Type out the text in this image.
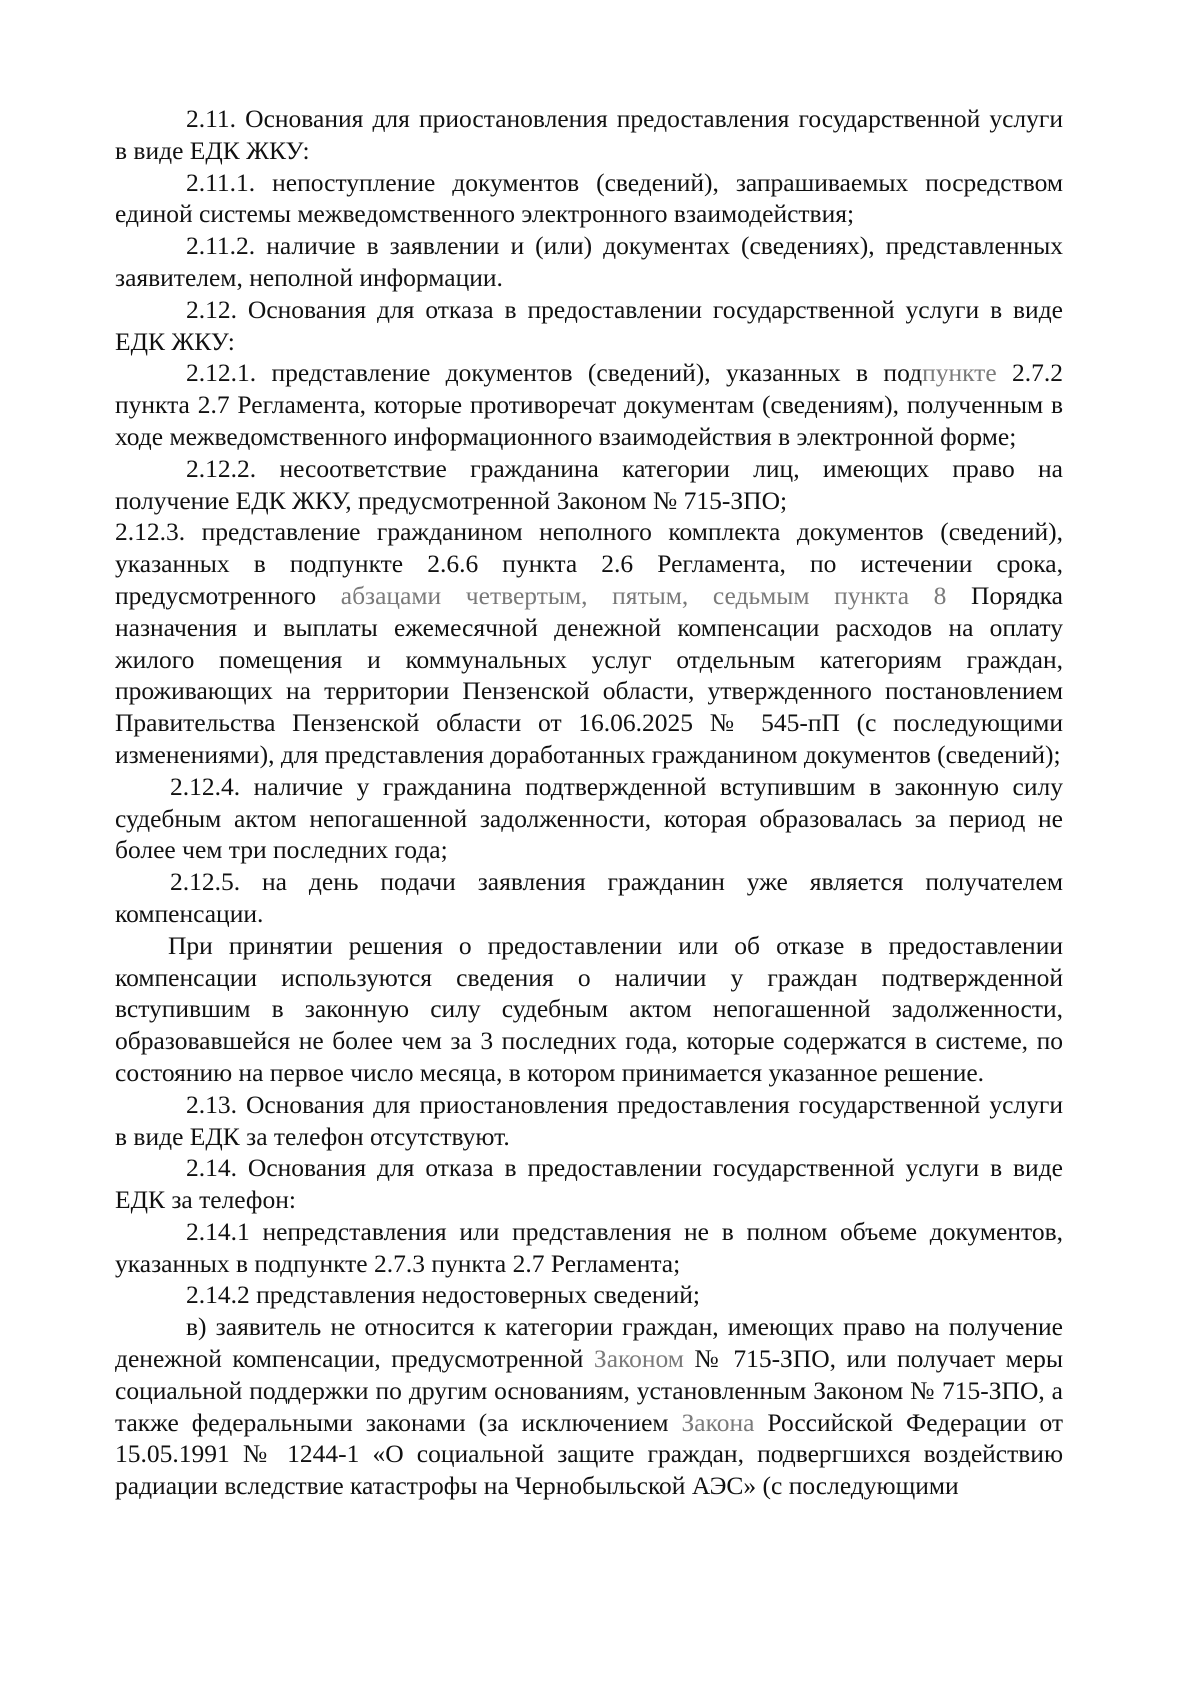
2.11. Основания для приостановления предоставления государственной услуги в виде ЕДК ЖКУ:

2.11.1. непоступление документов (сведений), запрашиваемых посредством единой системы межведомственного электронного взаимодействия;

2.11.2. наличие в заявлении и (или) документах (сведениях), представленных заявителем, неполной информации.

2.12. Основания для отказа в предоставлении государственной услуги в виде ЕДК ЖКУ:

2.12.1. представление документов (сведений), указанных в подпункте 2.7.2 пункта 2.7 Регламента, которые противоречат документам (сведениям), полученным в ходе межведомственного информационного взаимодействия в электронной форме;

2.12.2. несоответствие гражданина категории лиц, имеющих право на получение ЕДК ЖКУ, предусмотренной Законом № 715-ЗПО;

2.12.3. представление гражданином неполного комплекта документов (сведений), указанных в подпункте 2.6.6 пункта 2.6 Регламента, по истечении срока, предусмотренного абзацами четвертым, пятым, седьмым пункта 8 Порядка назначения и выплаты ежемесячной денежной компенсации расходов на оплату жилого помещения и коммунальных услуг отдельным категориям граждан, проживающих на территории Пензенской области, утвержденного постановлением Правительства Пензенской области от 16.06.2025 № 545-пП (с последующими изменениями), для представления доработанных гражданином документов (сведений);

2.12.4. наличие у гражданина подтвержденной вступившим в законную силу судебным актом непогашенной задолженности, которая образовалась за период не более чем три последних года;

2.12.5. на день подачи заявления гражданин уже является получателем компенсации.

При принятии решения о предоставлении или об отказе в предоставлении компенсации используются сведения о наличии у граждан подтвержденной вступившим в законную силу судебным актом непогашенной задолженности, образовавшейся не более чем за 3 последних года, которые содержатся в системе, по состоянию на первое число месяца, в котором принимается указанное решение.

2.13. Основания для приостановления предоставления государственной услуги в виде ЕДК за телефон отсутствуют.

2.14. Основания для отказа в предоставлении государственной услуги в виде ЕДК за телефон:

2.14.1 непредставления или представления не в полном объеме документов, указанных в подпункте 2.7.3 пункта 2.7 Регламента;

2.14.2 представления недостоверных сведений;

в) заявитель не относится к категории граждан, имеющих право на получение денежной компенсации, предусмотренной Законом № 715-ЗПО, или получает меры социальной поддержки по другим основаниям, установленным Законом № 715-ЗПО, а также федеральными законами (за исключением Закона Российской Федерации от 15.05.1991 № 1244-1 «О социальной защите граждан, подвергшихся воздействию радиации вследствие катастрофы на Чернобыльской АЭС» (с последующими
